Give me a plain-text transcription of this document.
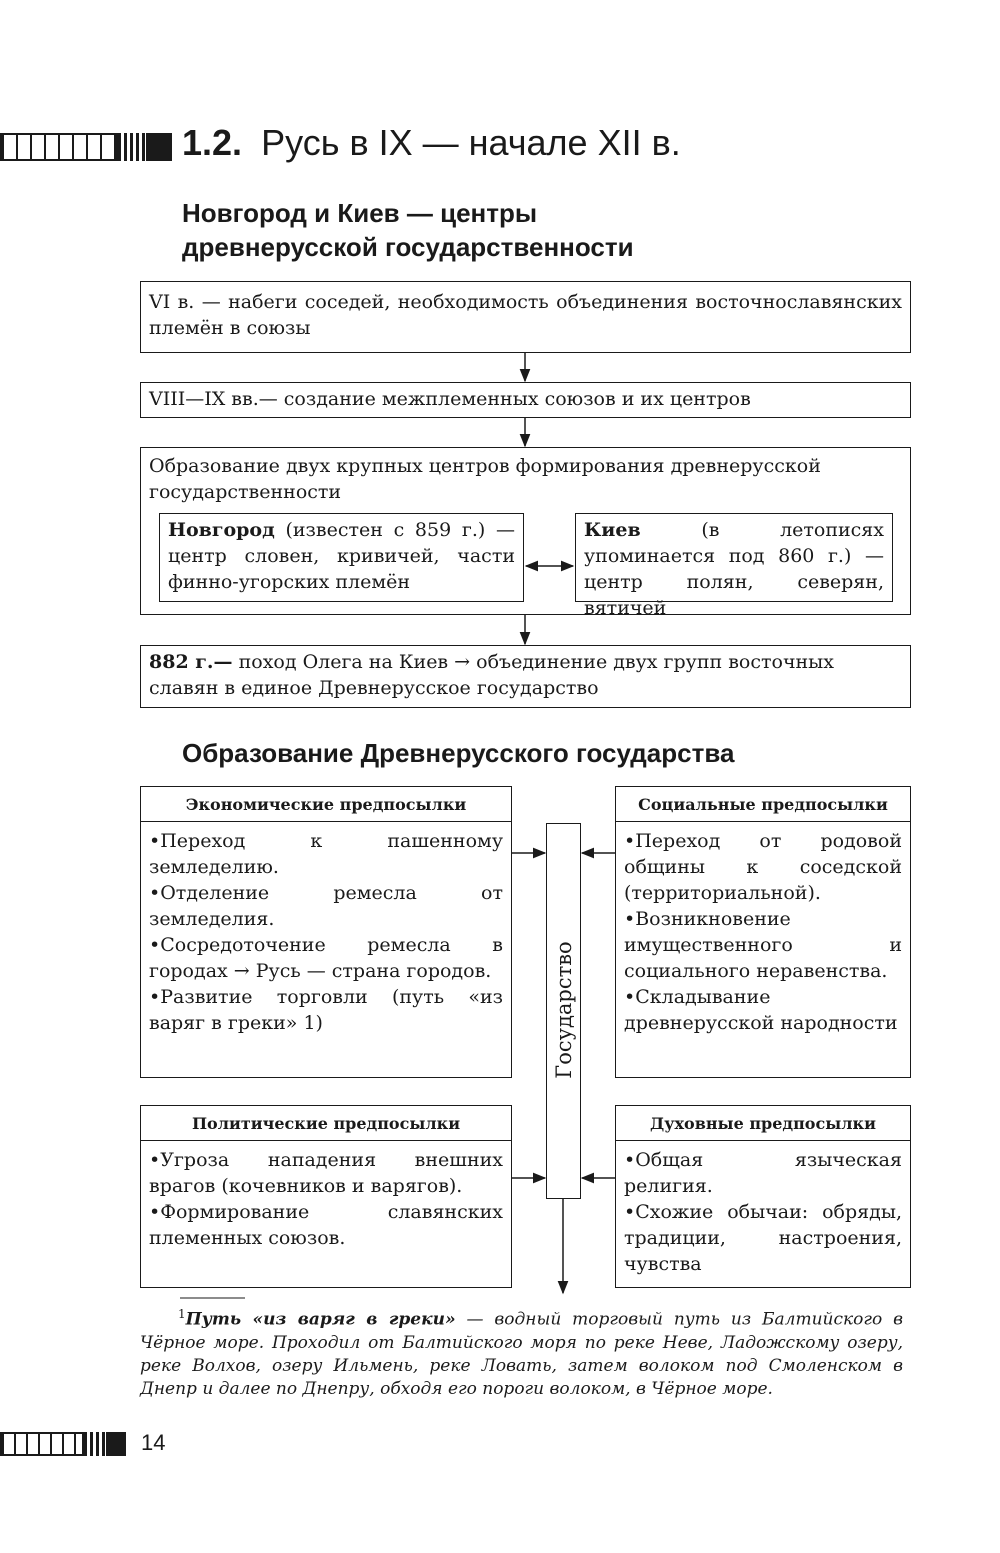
1.2. Русь в IX — начале XII в.
Новгород и Киев — центры
древнерусской государственности
VI в. — набеги соседей, необходимость объединения восточнославянских племён в союзы
VIII—IX вв.— создание межплеменных союзов и их центров
Образование двух крупных центров формирования древнерусской государственности
Новгород (известен с 859 г.) — центр словен, кривичей, части финно-угорских племён
Киев (в летописях упоминается под 860 г.) — центр полян, северян, вятичей
882 г.— поход Олега на Киев → объединение двух групп восточных славян в единое Древнерусское государство
Образование Древнерусского государства
Экономические предпосылки
•Переход к пашенному земледелию.
•Отделение ремесла от земледелия.
•Сосредоточение ремесла в городах → Русь — страна городов.
•Развитие торговли (путь «из варяг в греки» 1)
Социальные предпосылки
•Переход от родовой общины к соседской (территориальной).
•Возникновение имущественного и социального неравенства.
•Складывание древнерусской народности
Политические предпосылки
•Угроза нападения внешних врагов (кочевников и варягов).
•Формирование славянских племенных союзов.
Духовные предпосылки
•Общая языческая религия.
•Схожие обычаи: обряды, традиции, настроения, чувства
Государство
$^1$Путь «из варяг в греки» — водный торговый путь из Балтийского в Чёрное море. Проходил от Балтийского моря по реке Неве, Ладожскому озеру, реке Волхов, озеру Ильмень, реке Ловать, затем волоком под Смоленском в Днепр и далее по Днепру, обходя его пороги волоком, в Чёрное море.
14
